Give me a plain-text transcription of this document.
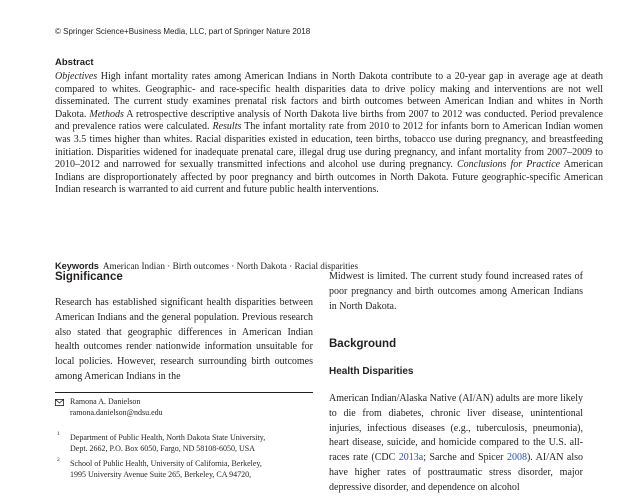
© Springer Science+Business Media, LLC, part of Springer Nature 2018
Abstract

Objectives High infant mortality rates among American Indians in North Dakota contribute to a 20-year gap in average age at death compared to whites. Geographic- and race-specific health disparities data to drive policy making and interventions are not well disseminated. The current study examines prenatal risk factors and birth outcomes between American Indian and whites in North Dakota. Methods A retrospective descriptive analysis of North Dakota live births from 2007 to 2012 was conducted. Period prevalence and prevalence ratios were calculated. Results The infant mortality rate from 2010 to 2012 for infants born to American Indian women was 3.5 times higher than whites. Racial disparities existed in education, teen births, tobacco use during pregnancy, and breastfeeding initiation. Disparities widened for inadequate prenatal care, illegal drug use during pregnancy, and infant mortality from 2007–2009 to 2010–2012 and narrowed for sexually transmitted infections and alcohol use during pregnancy. Conclusions for Practice American Indians are disproportionately affected by poor pregnancy and birth outcomes in North Dakota. Future geographic-specific American Indian research is warranted to aid current and future public health interventions.

Keywords American Indian · Birth outcomes · North Dakota · Racial disparities
Significance

Research has established significant health disparities between American Indians and the general population. Previous research also stated that geographic differences in American Indian health outcomes render nationwide information unsuitable for local policies. However, research surrounding birth outcomes among American Indians in the

Ramona A. Danielson
ramona.danielson@ndsu.edu
1 Department of Public Health, North Dakota State University,
Dept. 2662, P.O. Box 6050, Fargo, ND 58108-6050, USA
2 School of Public Health, University of California, Berkeley,
1995 University Avenue Suite 265, Berkeley, CA 94720,

Midwest is limited. The current study found increased rates of poor pregnancy and birth outcomes among American Indians in North Dakota.

Background
Health Disparities

American Indian/Alaska Native (AI/AN) adults are more likely to die from diabetes, chronic liver disease, unintentional injuries, infectious diseases (e.g., tuberculosis, pneumonia), heart disease, suicide, and homicide compared to the U.S. all-races rate (CDC 2013a; Sarche and Spicer 2008). AI/AN also have higher rates of posttraumatic stress disorder, major depressive disorder, and dependence on alcohol
